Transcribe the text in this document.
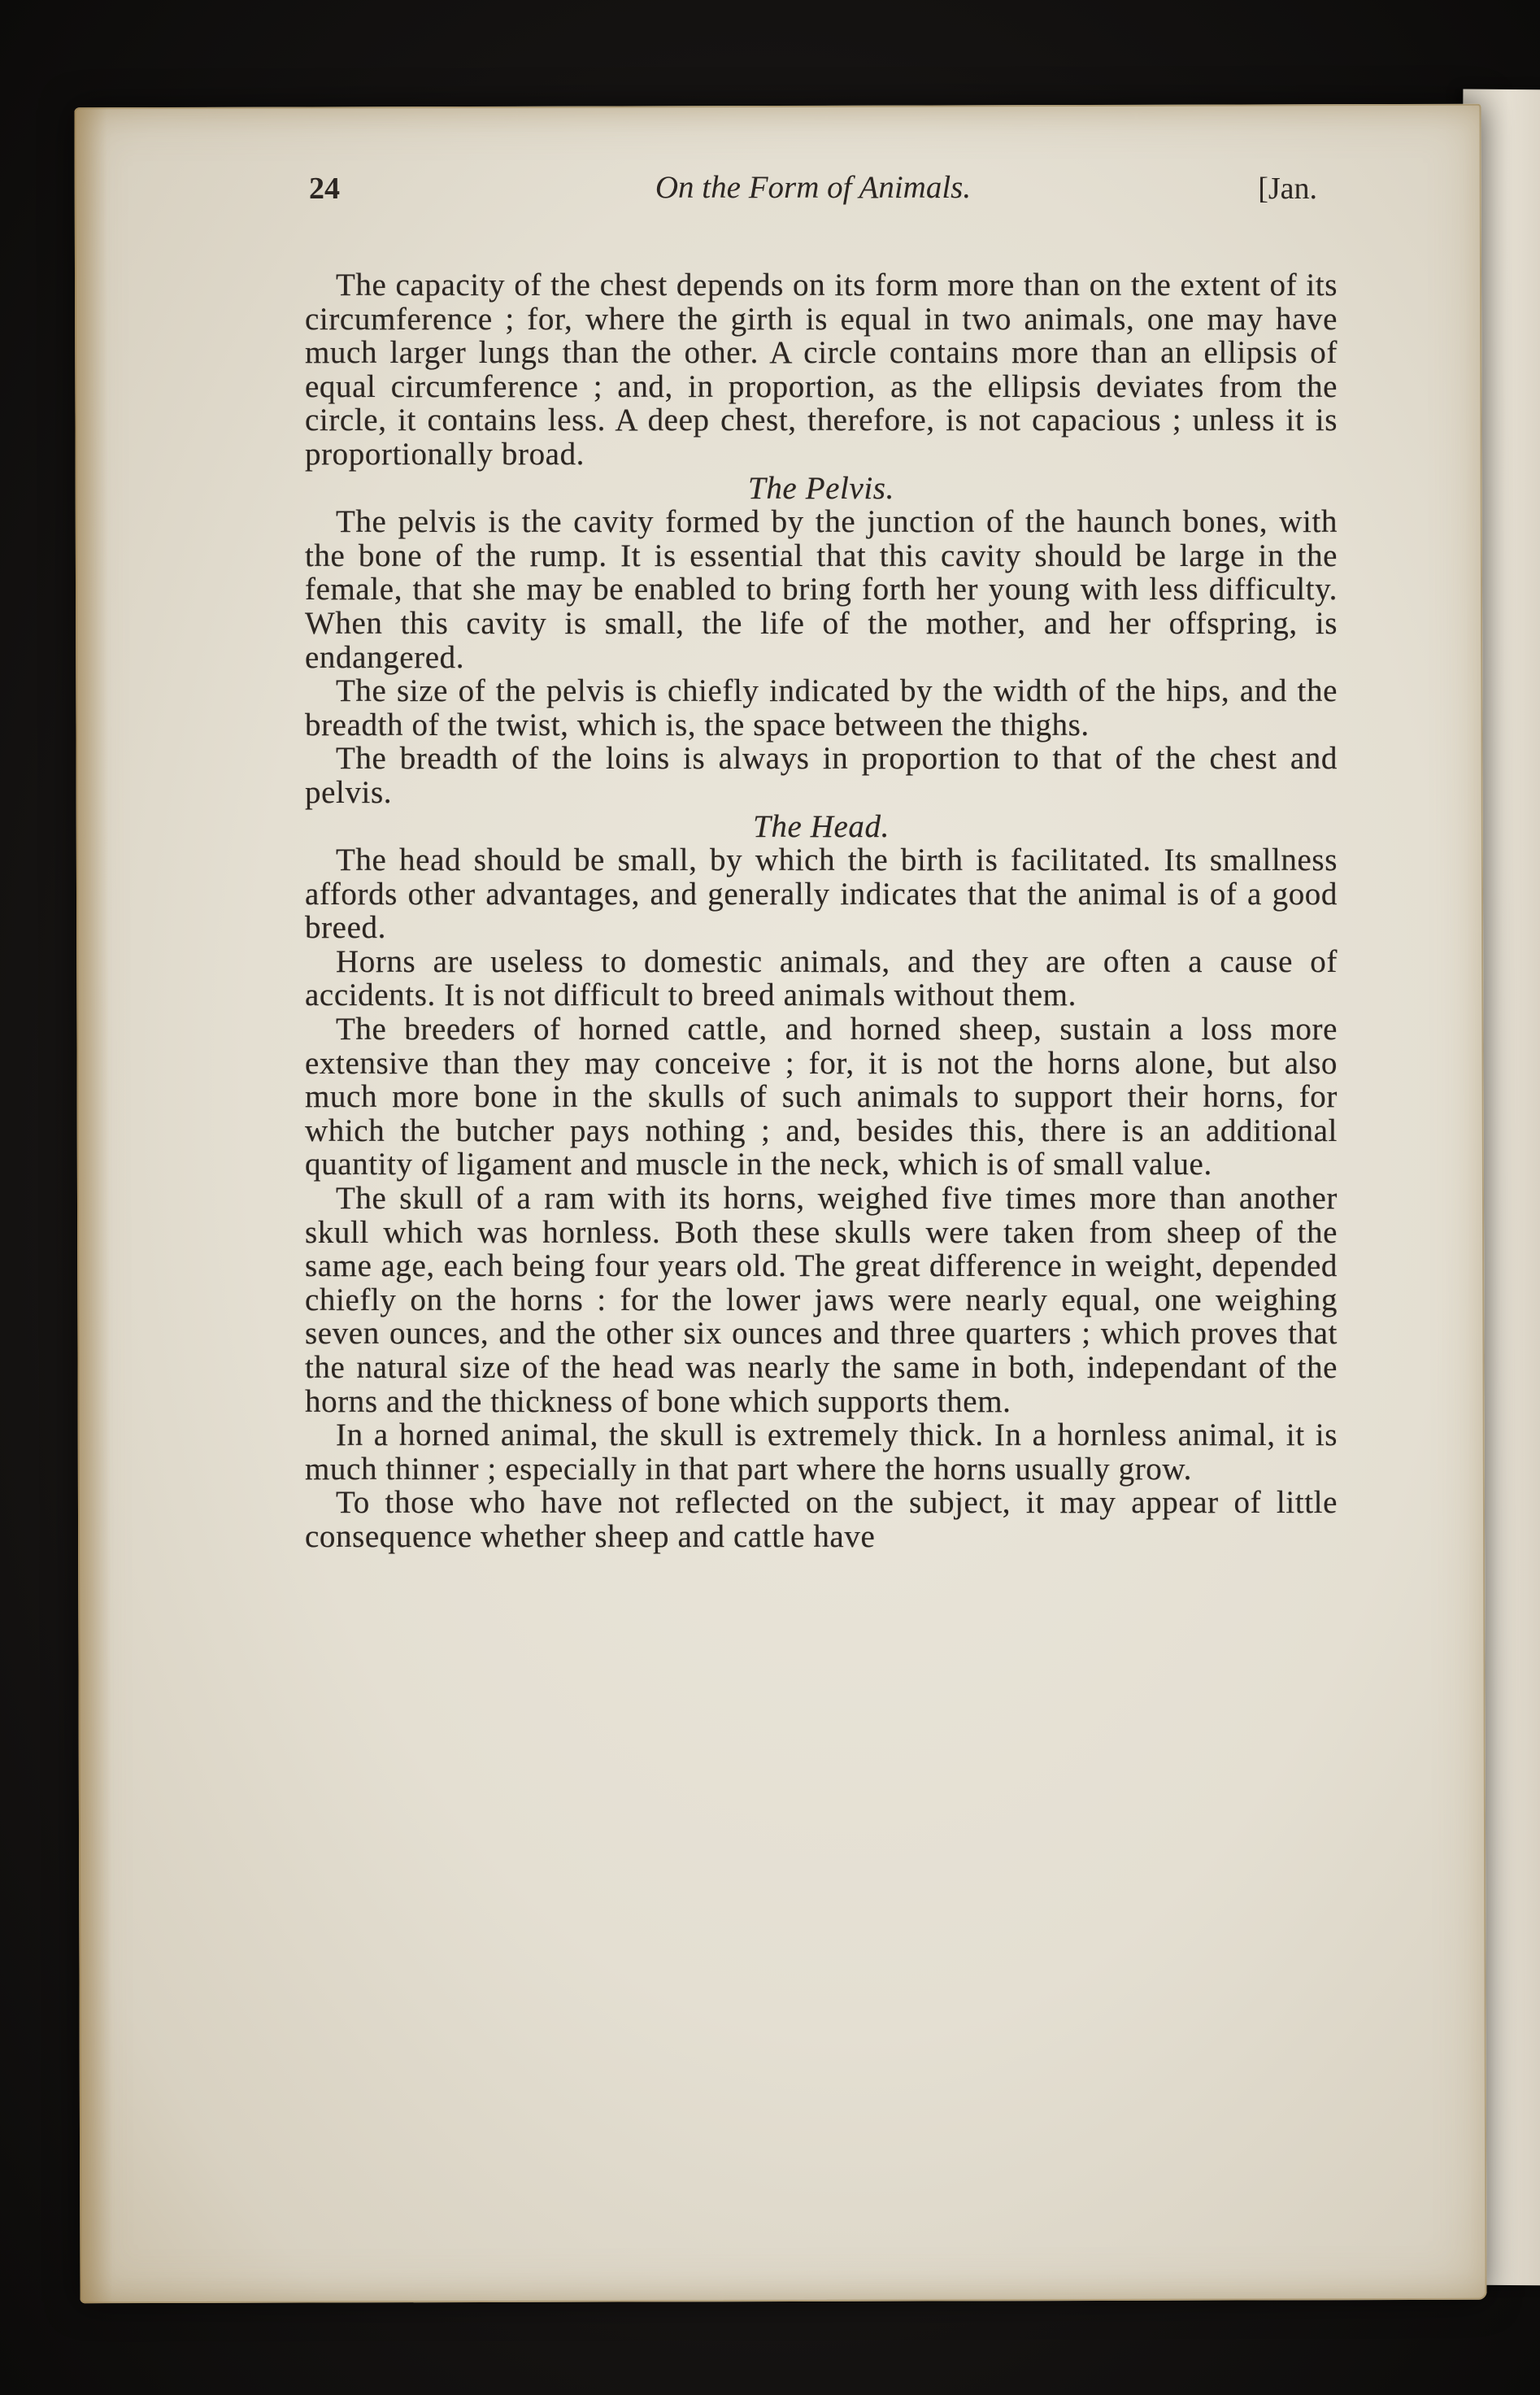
24	On the Form of Animals.	[Jan.

The capacity of the chest depends on its form more than on the extent of its circumference ; for, where the girth is equal in two animals, one may have much larger lungs than the other. A circle contains more than an ellipsis of equal circumference ; and, in proportion, as the ellipsis deviates from the circle, it contains less. A deep chest, therefore, is not capacious ; unless it is proportionally broad.

The Pelvis.

The pelvis is the cavity formed by the junction of the haunch bones, with the bone of the rump. It is essential that this cavity should be large in the female, that she may be enabled to bring forth her young with less difficulty. When this cavity is small, the life of the mother, and her offspring, is endangered.

The size of the pelvis is chiefly indicated by the width of the hips, and the breadth of the twist, which is, the space between the thighs.

The breadth of the loins is always in proportion to that of the chest and pelvis.

The Head.

The head should be small, by which the birth is facilitated. Its smallness affords other advantages, and generally indicates that the animal is of a good breed.

Horns are useless to domestic animals, and they are often a cause of accidents. It is not difficult to breed animals without them.

The breeders of horned cattle, and horned sheep, sustain a loss more extensive than they may conceive ; for, it is not the horns alone, but also much more bone in the skulls of such animals to support their horns, for which the butcher pays nothing ; and, besides this, there is an additional quantity of ligament and muscle in the neck, which is of small value.

The skull of a ram with its horns, weighed five times more than another skull which was hornless. Both these skulls were taken from sheep of the same age, each being four years old. The great difference in weight, depended chiefly on the horns : for the lower jaws were nearly equal, one weighing seven ounces, and the other six ounces and three quarters ; which proves that the natural size of the head was nearly the same in both, independant of the horns and the thickness of bone which supports them.

In a horned animal, the skull is extremely thick. In a hornless animal, it is much thinner ; especially in that part where the horns usually grow.

To those who have not reflected on the subject, it may appear of little consequence whether sheep and cattle have
